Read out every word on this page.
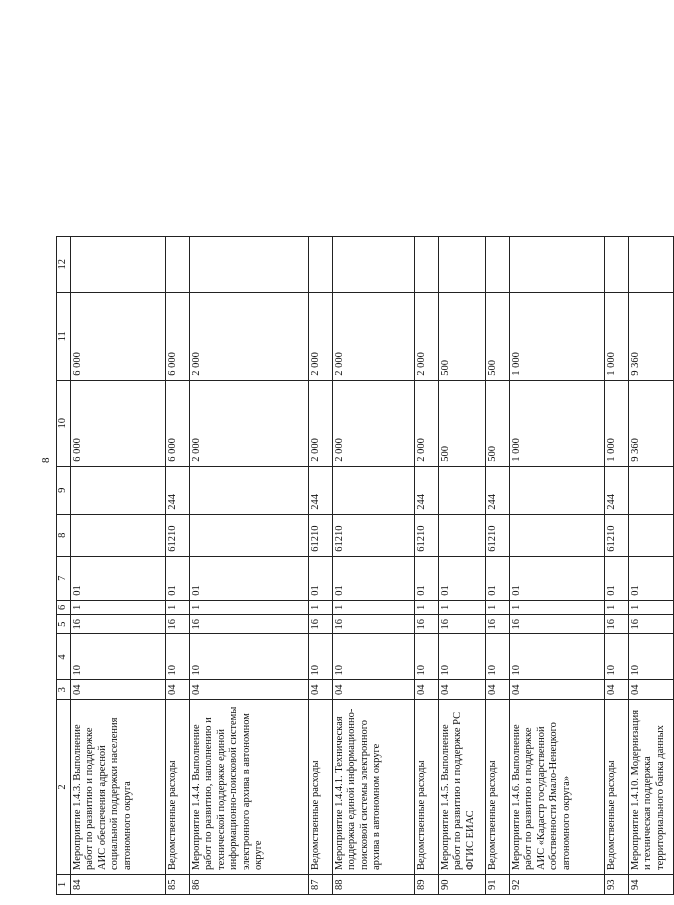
8
1	2	3	4	5	6	7	8	9	10	11	12
84	Мероприятие 1.4.3. Выполнение работ по развитию и поддержке АИС обеспечения адресной социальной поддержки населения автономного округа	04	10	16	1	01			6 000	6 000	
85	Ведомственные расходы	04	10	16	1	01	61210	244	6 000	6 000	
86	Мероприятие 1.4.4. Выполнение работ по развитию, наполнению и технической поддержке единой информационно-поисковой системы электронного архива в автономном округе	04	10	16	1	01			2 000	2 000	
87	Ведомственные расходы	04	10	16	1	01	61210	244	2 000	2 000	
88	Мероприятие 1.4.4.1. Техническая поддержка единой информационно-поисковой системы электронного архива в автономном округе	04	10	16	1	01	61210		2 000	2 000	
89	Ведомственные расходы	04	10	16	1	01	61210	244	2 000	2 000	
90	Мероприятие 1.4.5. Выполнение работ по развитию и поддержке РС ФГИС ЕИАС	04	10	16	1	01			500	500	
91	Ведомственные расходы	04	10	16	1	01	61210	244	500	500	
92	Мероприятие 1.4.6. Выполнение работ по развитию и поддержке АИС «Кадастр государственной собственности Ямало-Ненецкого автономного округа»	04	10	16	1	01			1 000	1 000	
93	Ведомственные расходы	04	10	16	1	01	61210	244	1 000	1 000	
94	Мероприятие 1.4.10. Модернизация и техническая поддержка территориального банка данных	04	10	16	1	01			9 360	9 360	
